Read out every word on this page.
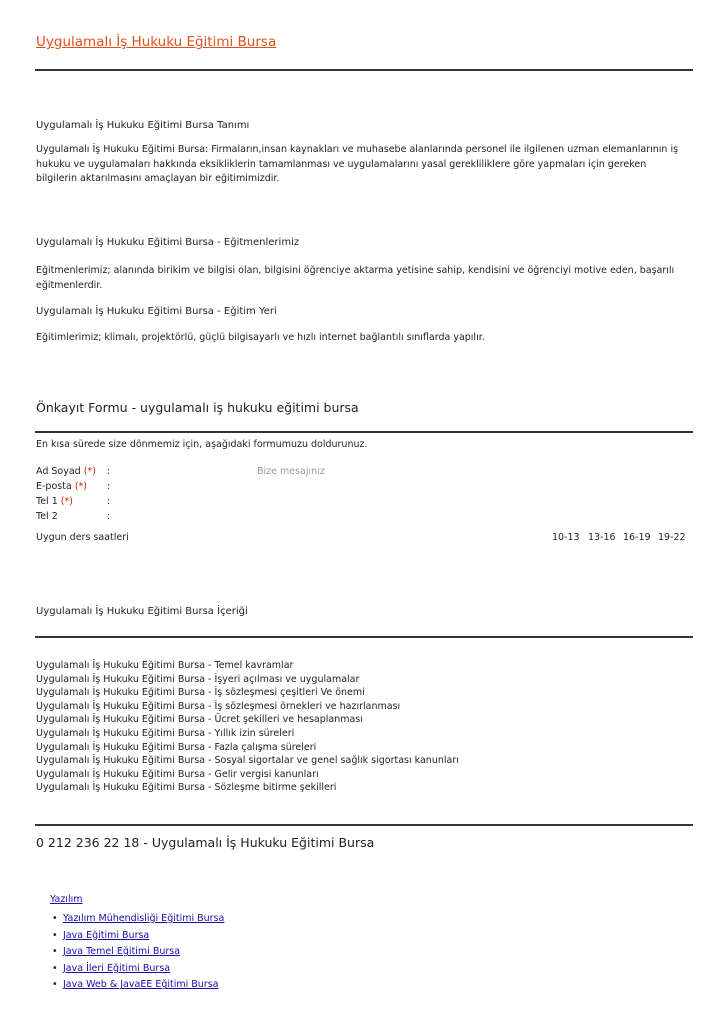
Uygulamalı İş Hukuku Eğitimi Bursa
Uygulamalı İş Hukuku Eğitimi Bursa Tanımı
Uygulamalı İş Hukuku Eğitimi Bursa: Firmaların,insan kaynakları ve muhasebe alanlarında personel ile ilgilenen uzman elemanlarının iş hukuku ve uygulamaları hakkında eksikliklerin tamamlanması ve uygulamalarını yasal gerekliliklere göre yapmaları için gereken bilgilerin aktarılmasını amaçlayan bir eğitimimizdir.
Uygulamalı İş Hukuku Eğitimi Bursa - Eğitmenlerimiz
Eğitmenlerimiz; alanında birikim ve bilgisi olan, bilgisini öğrenciye aktarma yetisine sahip, kendisini ve öğrenciyi motive eden, başarılı eğitmenlerdir.
Uygulamalı İş Hukuku Eğitimi Bursa - Eğitim Yeri
Eğitimlerimiz; klimalı, projektörlü, güçlü bilgisayarlı ve hızlı internet bağlantılı sınıflarda yapılır.
Önkayıt Formu - uygulamalı iş hukuku eğitimi bursa
En kısa sürede size dönmemiz için, aşağıdaki formumuzu doldurunuz.
Ad Soyad (*) :	Bize mesajınız
E-posta (*) :
Tel 1 (*)	:
Tel 2	:
Uygun ders saatleri	10-13 13-16 16-19 19-22
Uygulamalı İş Hukuku Eğitimi Bursa İçeriği

Uygulamalı İş Hukuku Eğitimi Bursa - Temel kavramlar

Uygulamalı İş Hukuku Eğitimi Bursa - İşyeri açılması ve uygulamalar

Uygulamalı İş Hukuku Eğitimi Bursa - İş sözleşmesi çeşitleri Ve önemi

Uygulamalı İş Hukuku Eğitimi Bursa - İş sözleşmesi örnekleri ve hazırlanması

Uygulamalı İş Hukuku Eğitimi Bursa - Ücret şekilleri ve hesaplanması

Uygulamalı İş Hukuku Eğitimi Bursa - Yıllık izin süreleri

Uygulamalı İş Hukuku Eğitimi Bursa - Fazla çalışma süreleri

Uygulamalı İş Hukuku Eğitimi Bursa - Sosyal sigortalar ve genel sağlık sigortası kanunları

Uygulamalı İş Hukuku Eğitimi Bursa - Gelir vergisi kanunları

Uygulamalı İş Hukuku Eğitimi Bursa - Sözleşme bitirme şekilleri

0 212 236 22 18 - Uygulamalı İş Hukuku Eğitimi Bursa
Yazılım
• Yazılım Mühendisliği Eğitimi Bursa
• Java Eğitimi Bursa
• Java Temel Eğitimi Bursa
• Java İleri Eğitimi Bursa
• Java Web & JavaEE Eğitimi Bursa
